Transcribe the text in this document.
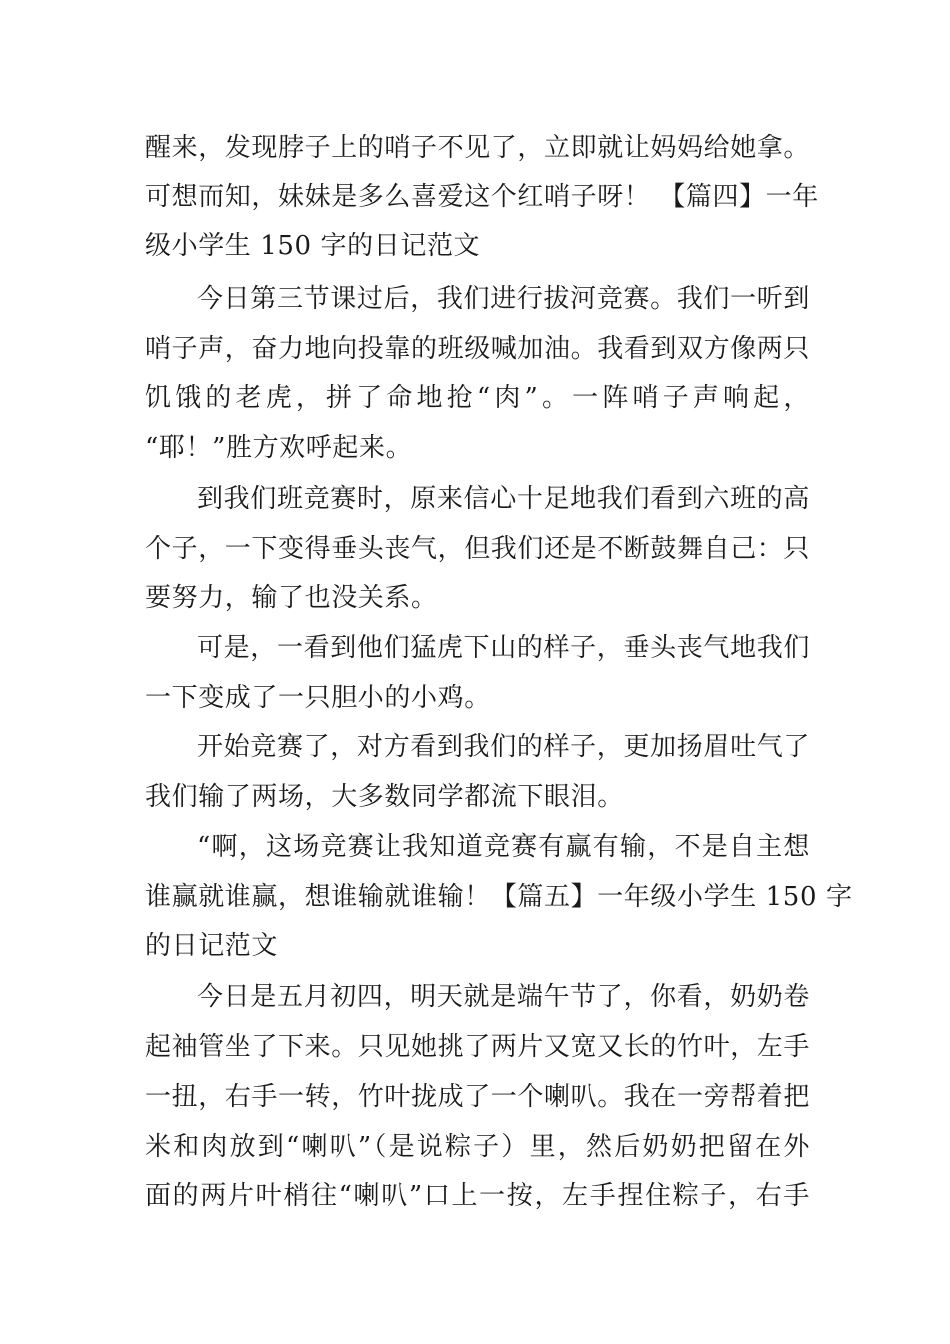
醒来，发现脖子上的哨子不见了，立即就让妈妈给她拿。
可想而知，妹妹是多么喜爱这个红哨子呀！ 【篇四】一年
级小学生 150 字的日记范文
今日第三节课过后，我们进行拔河竞赛。我们一听到
哨子声，奋力地向投靠的班级喊加油。我看到双方像两只
饥饿的老虎，拼了命地抢“肉”。一阵哨子声响起，
“耶！”胜方欢呼起来。
到我们班竞赛时，原来信心十足地我们看到六班的高
个子，一下变得垂头丧气，但我们还是不断鼓舞自己：只
要努力，输了也没关系。
可是，一看到他们猛虎下山的样子，垂头丧气地我们
一下变成了一只胆小的小鸡。
开始竞赛了，对方看到我们的样子，更加扬眉吐气了
我们输了两场，大多数同学都流下眼泪。
“啊，这场竞赛让我知道竞赛有赢有输，不是自主想
谁赢就谁赢，想谁输就谁输！【篇五】一年级小学生 150 字
的日记范文
今日是五月初四，明天就是端午节了，你看，奶奶卷
起袖管坐了下来。只见她挑了两片又宽又长的竹叶，左手
一扭，右手一转，竹叶拢成了一个喇叭。我在一旁帮着把
米和肉放到“喇叭”（是说粽子）里，然后奶奶把留在外
面的两片叶梢往“喇叭”口上一按，左手捏住粽子，右手
